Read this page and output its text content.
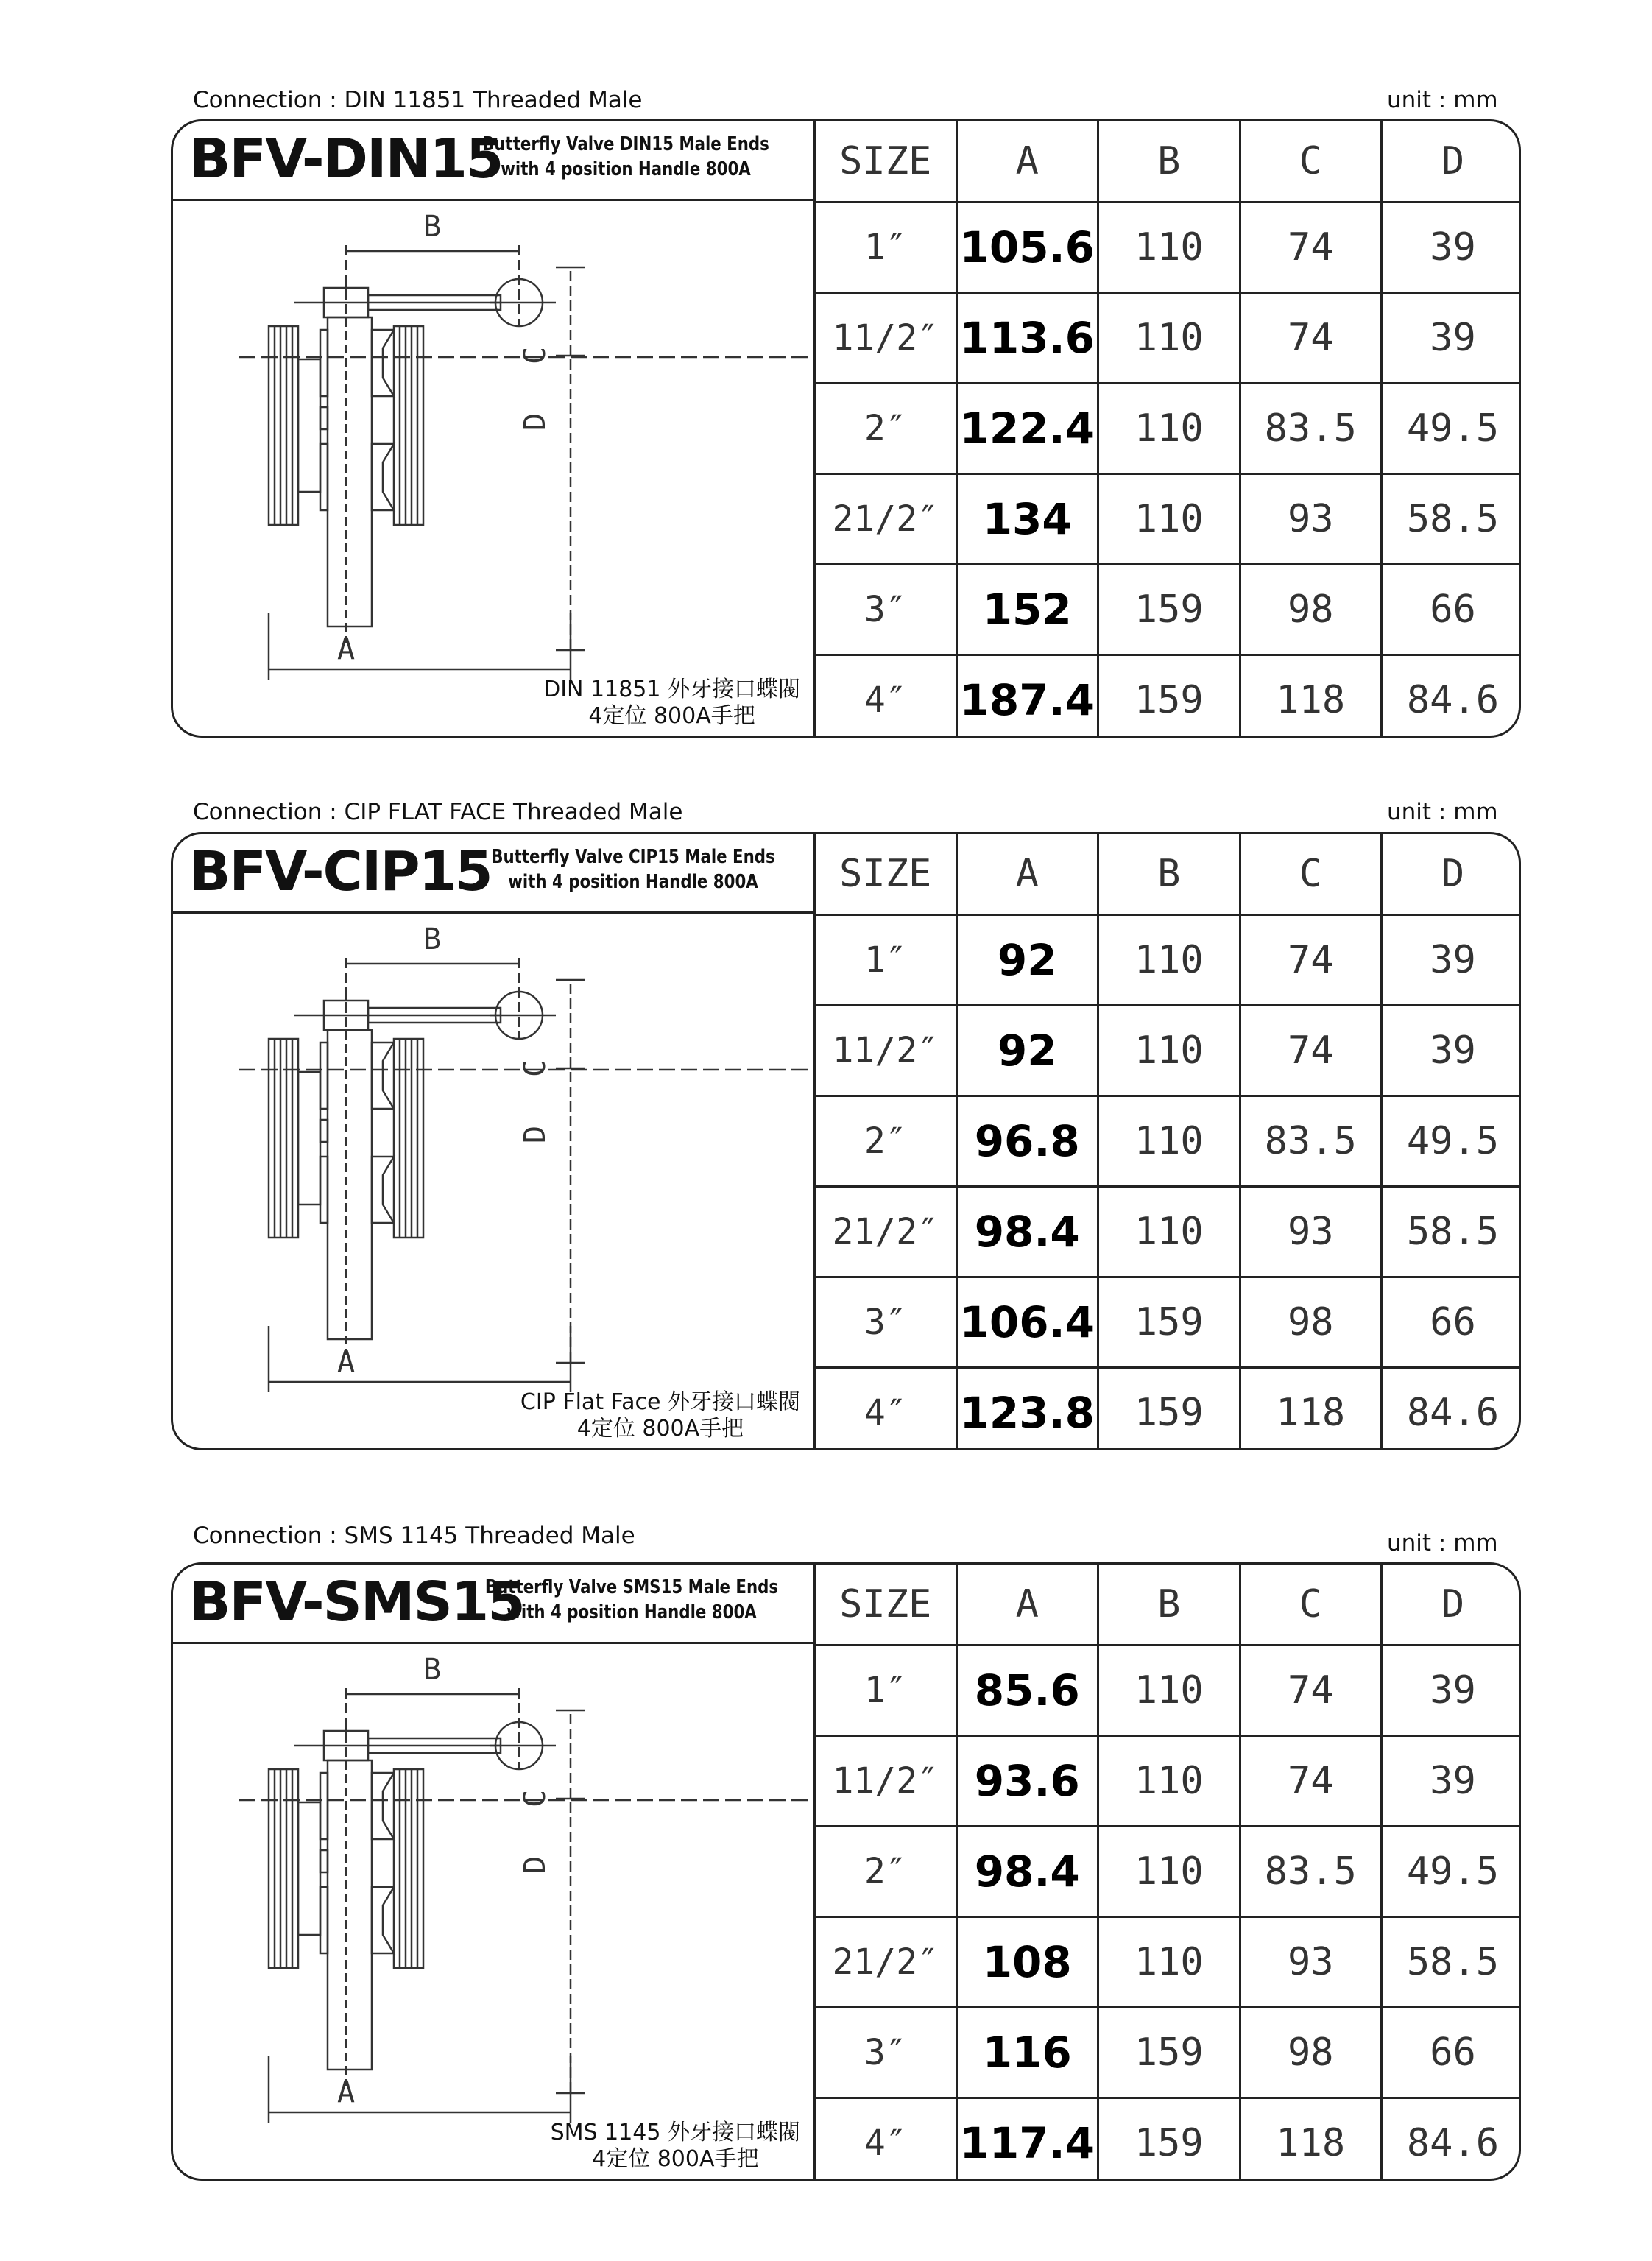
Connection : DIN 11851 Threaded Male	unit : mm
BFV-DIN15
Butterfly Valve DIN15 Male Ends
with 4 position Handle 800A
B
C
D
A
DIN 11851 外牙接口蝶閥
4定位 800A手把
SIZE	A	B	C	D
1″	105.6	110	74	39
11/2″	113.6	110	74	39
2″	122.4	110	83.5	49.5
21/2″	134	110	93	58.5
3″	152	159	98	66
4″	187.4	159	118	84.6
Connection : CIP FLAT FACE Threaded Male	unit : mm
BFV-CIP15 Butterfly Valve CIP15 Male Ends
with 4 position Handle 800A
B
C
D
A
CIP Flat Face 外牙接口蝶閥
4定位 800A手把
SIZE	A	B	C	D
1″	92	110	74	39
11/2″	92	110	74	39
2″	96.8	110	83.5	49.5
21/2″	98.4	110	93	58.5
3″	106.4	159	98	66
4″	123.8	159	118	84.6
Connection : SMS 1145 Threaded Male	unit : mm
BFV-SMS15
Butterfly Valve SMS15 Male Ends
with 4 position Handle 800A
B
C
D
A
SMS 1145 外牙接口蝶閥
4定位 800A手把
SIZE	A	B	C	D
1″	85.6	110	74	39
11/2″	93.6	110	74	39
2″	98.4	110	83.5	49.5
21/2″	108	110	93	58.5
3″	116	159	98	66
4″	117.4	159	118	84.6
